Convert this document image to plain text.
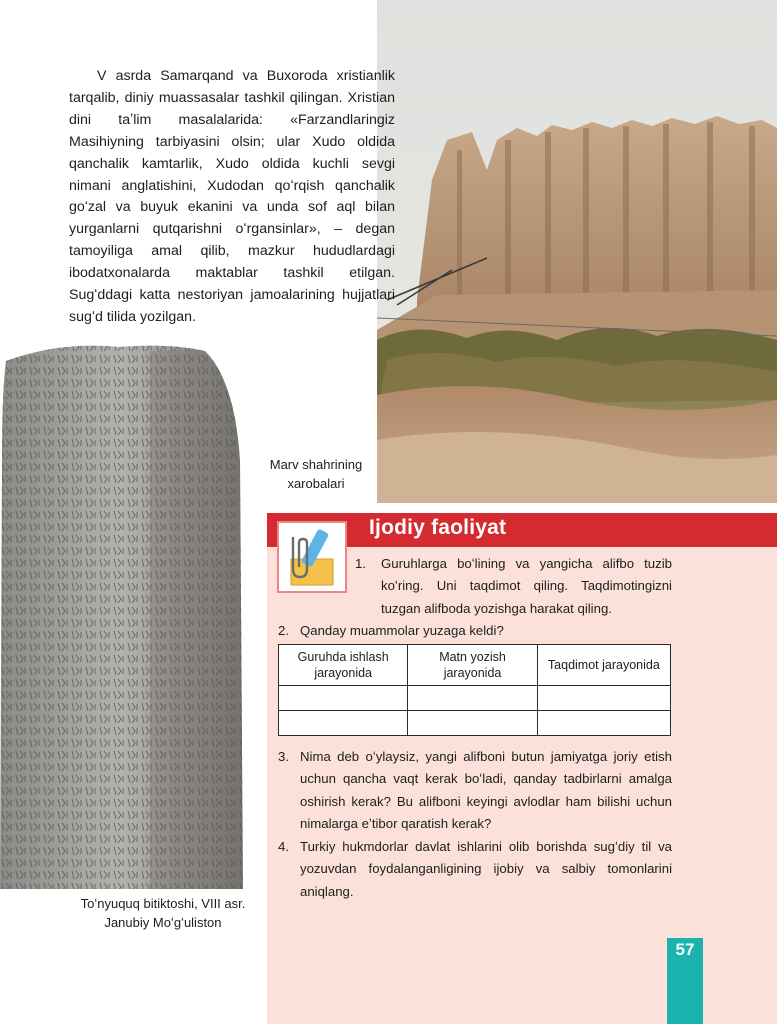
V asrda Samarqand va Buxoroda xristianlik tarqalib, diniy muassasalar tashkil qilingan. Xristian dini taʼlim masalalarida: «Farzandlaringiz Masihiyning tarbiyasini olsin; ular Xudo oldida qanchalik kamtarlik, Xudo oldida kuchli sevgi nimani anglatishini, Xudodan qoʻrqish qanchalik goʻzal va buyuk ekanini va unda sof aql bilan yurganlarni qutqarishni oʻrgansinlar», – degan tamoyiliga amal qilib, mazkur hududlardagi ibodatxonalarda maktablar tashkil etilgan. Sugʻddagi katta nestoriyan jamoalarining hujjatlari sugʻd tilida yozilgan.
Marv shahrining
xarobalari
Toʻnyuquq bitiktoshi, VIII asr.
Janubiy Moʻgʻuliston
Ijodiy faoliyat
1. Guruhlarga boʻlining va yangicha alifbo tuzib koʻring. Uni taqdimot qiling. Taqdimotingizni tuzgan alifboda yozishga harakat qiling.
2. Qanday muammolar yuzaga keldi?
Guruhda ishlash jarayonida	Matn yozish jarayonida	Taqdimot jarayonida

3. Nima deb oʻylaysiz, yangi alifboni butun jamiyatga joriy etish uchun qancha vaqt kerak boʻladi, qanday tadbirlarni amalga oshirish kerak? Bu alifboni keyingi avlodlar ham bilishi uchun nimalarga eʼtibor qaratish kerak?
4. Turkiy hukmdorlar davlat ishlarini olib borishda sugʻdiy til va yozuvdan foydalanganligining ijobiy va salbiy tomonlarini aniqlang.
57
